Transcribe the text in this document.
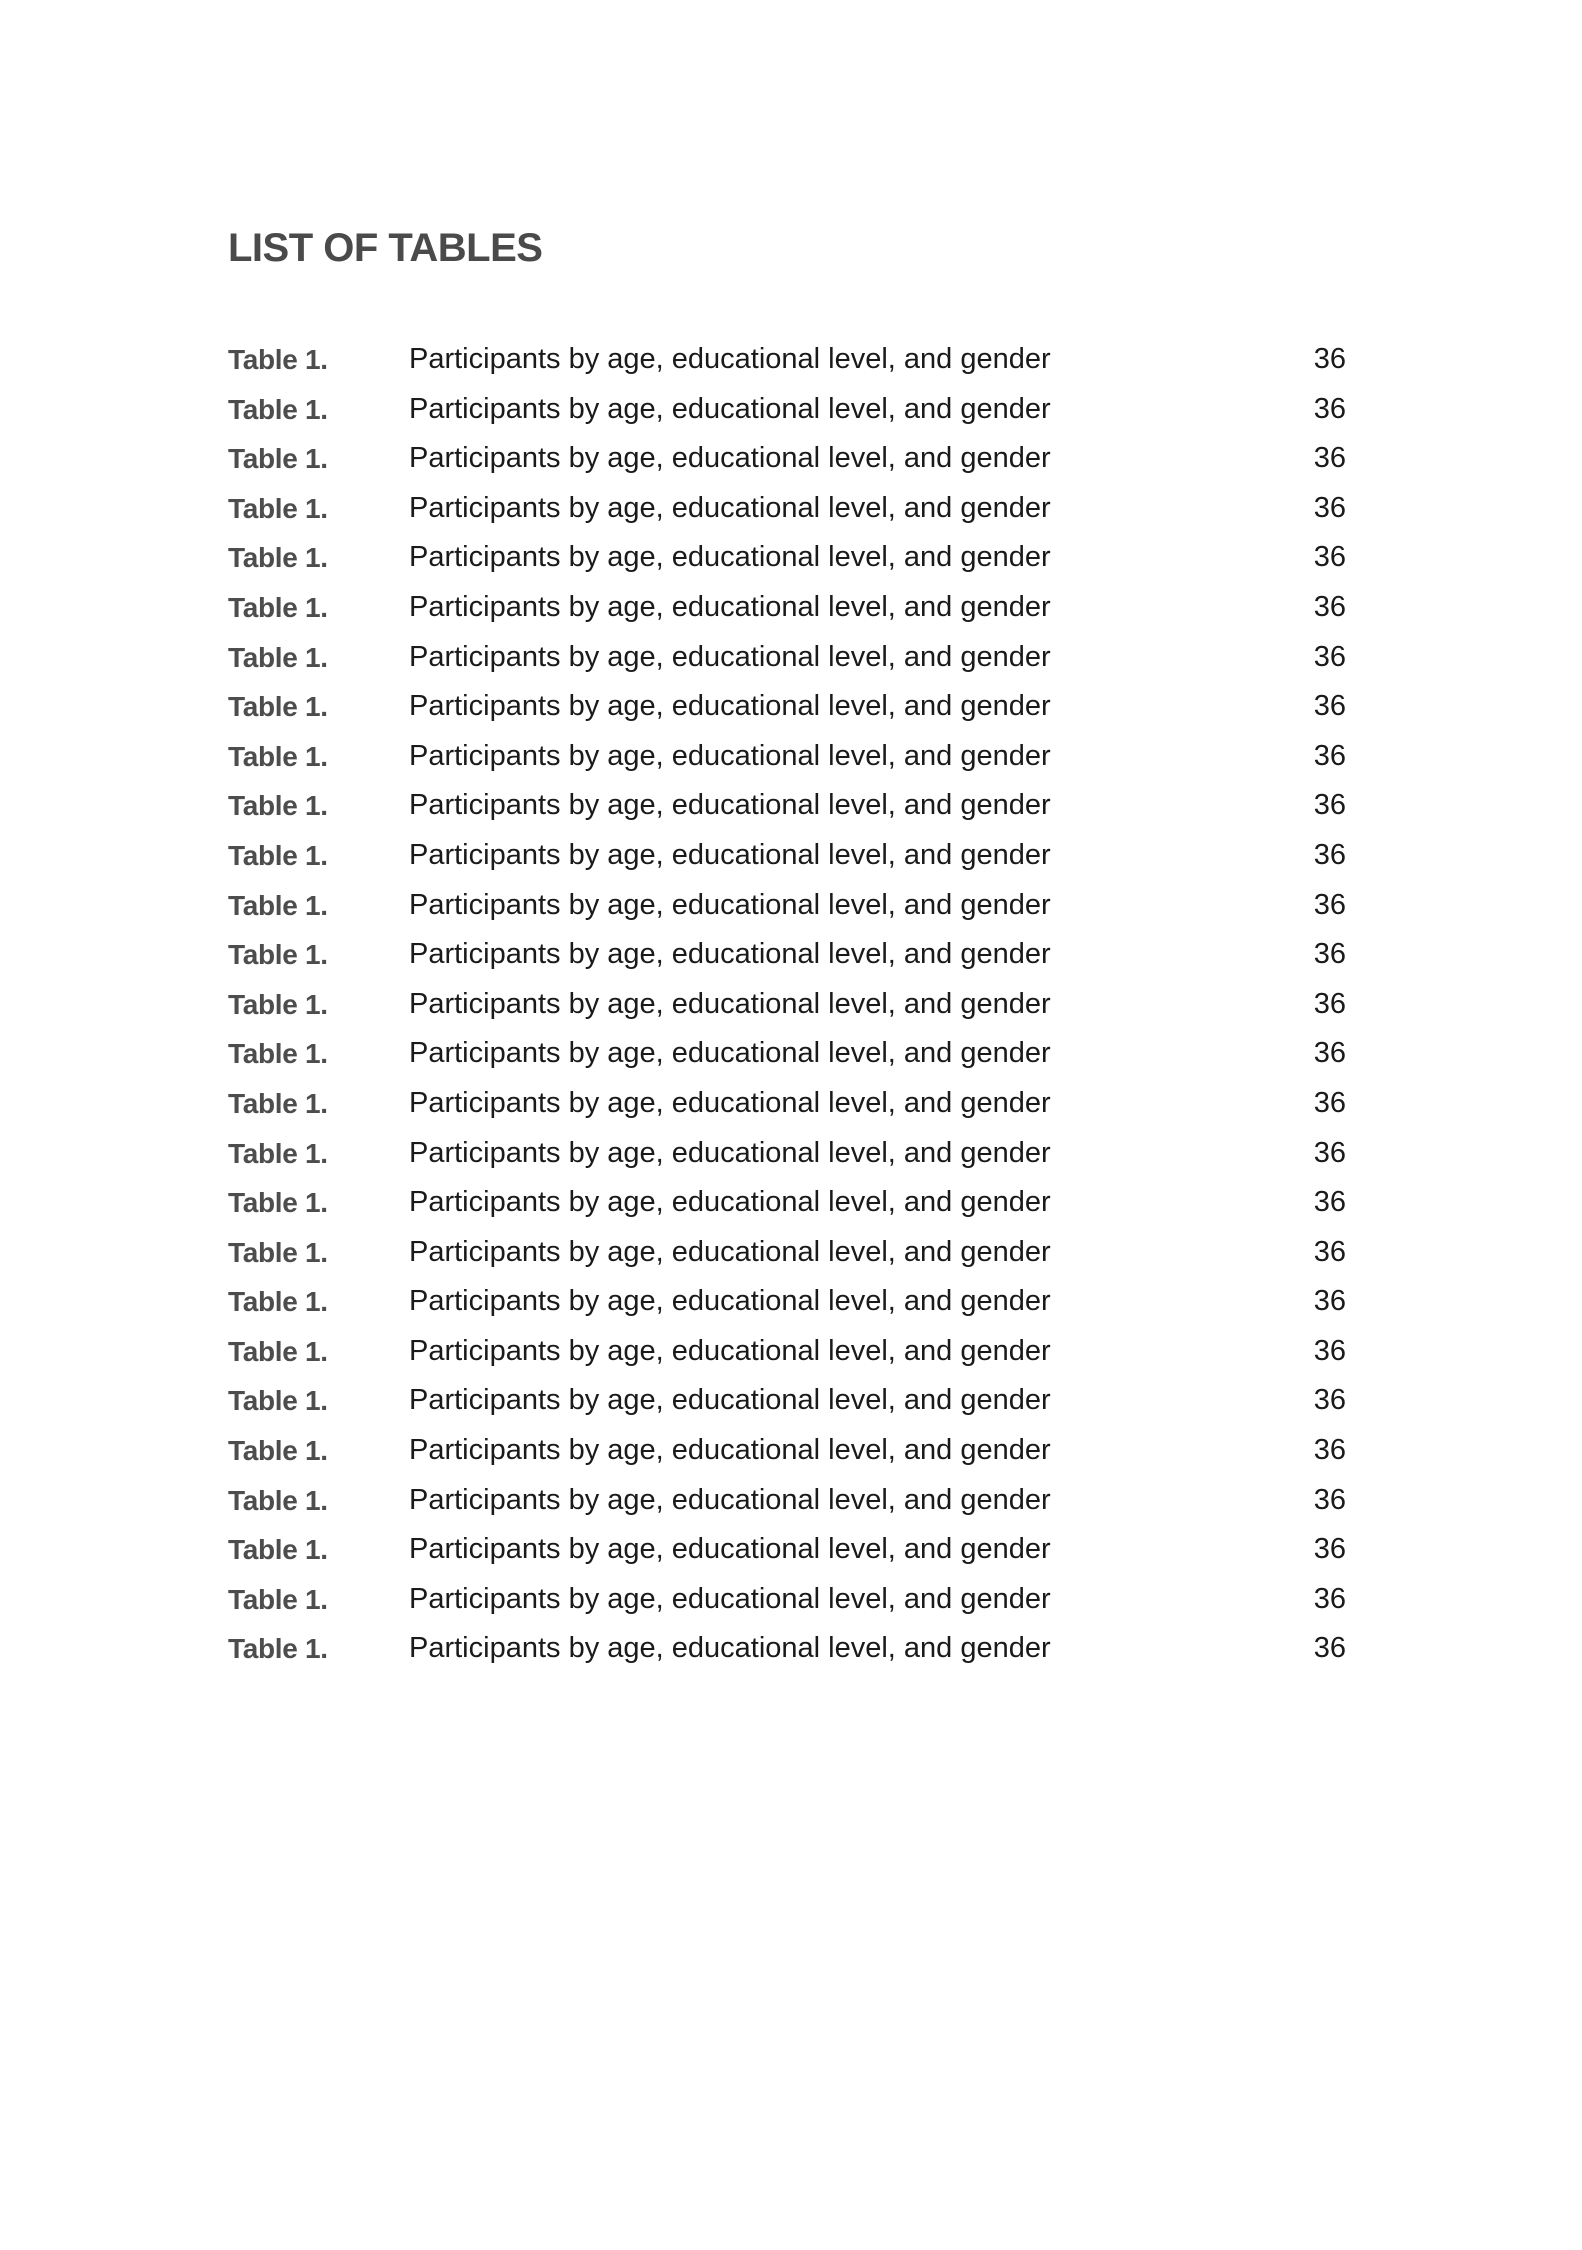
LIST OF TABLES
Table 1.	Participants by age, educational level, and gender	36
Table 1.	Participants by age, educational level, and gender	36
Table 1.	Participants by age, educational level, and gender	36
Table 1.	Participants by age, educational level, and gender	36
Table 1.	Participants by age, educational level, and gender	36
Table 1.	Participants by age, educational level, and gender	36
Table 1.	Participants by age, educational level, and gender	36
Table 1.	Participants by age, educational level, and gender	36
Table 1.	Participants by age, educational level, and gender	36
Table 1.	Participants by age, educational level, and gender	36
Table 1.	Participants by age, educational level, and gender	36
Table 1.	Participants by age, educational level, and gender	36
Table 1.	Participants by age, educational level, and gender	36
Table 1.	Participants by age, educational level, and gender	36
Table 1.	Participants by age, educational level, and gender	36
Table 1.	Participants by age, educational level, and gender	36
Table 1.	Participants by age, educational level, and gender	36
Table 1.	Participants by age, educational level, and gender	36
Table 1.	Participants by age, educational level, and gender	36
Table 1.	Participants by age, educational level, and gender	36
Table 1.	Participants by age, educational level, and gender	36
Table 1.	Participants by age, educational level, and gender	36
Table 1.	Participants by age, educational level, and gender	36
Table 1.	Participants by age, educational level, and gender	36
Table 1.	Participants by age, educational level, and gender	36
Table 1.	Participants by age, educational level, and gender	36
Table 1.	Participants by age, educational level, and gender	36
